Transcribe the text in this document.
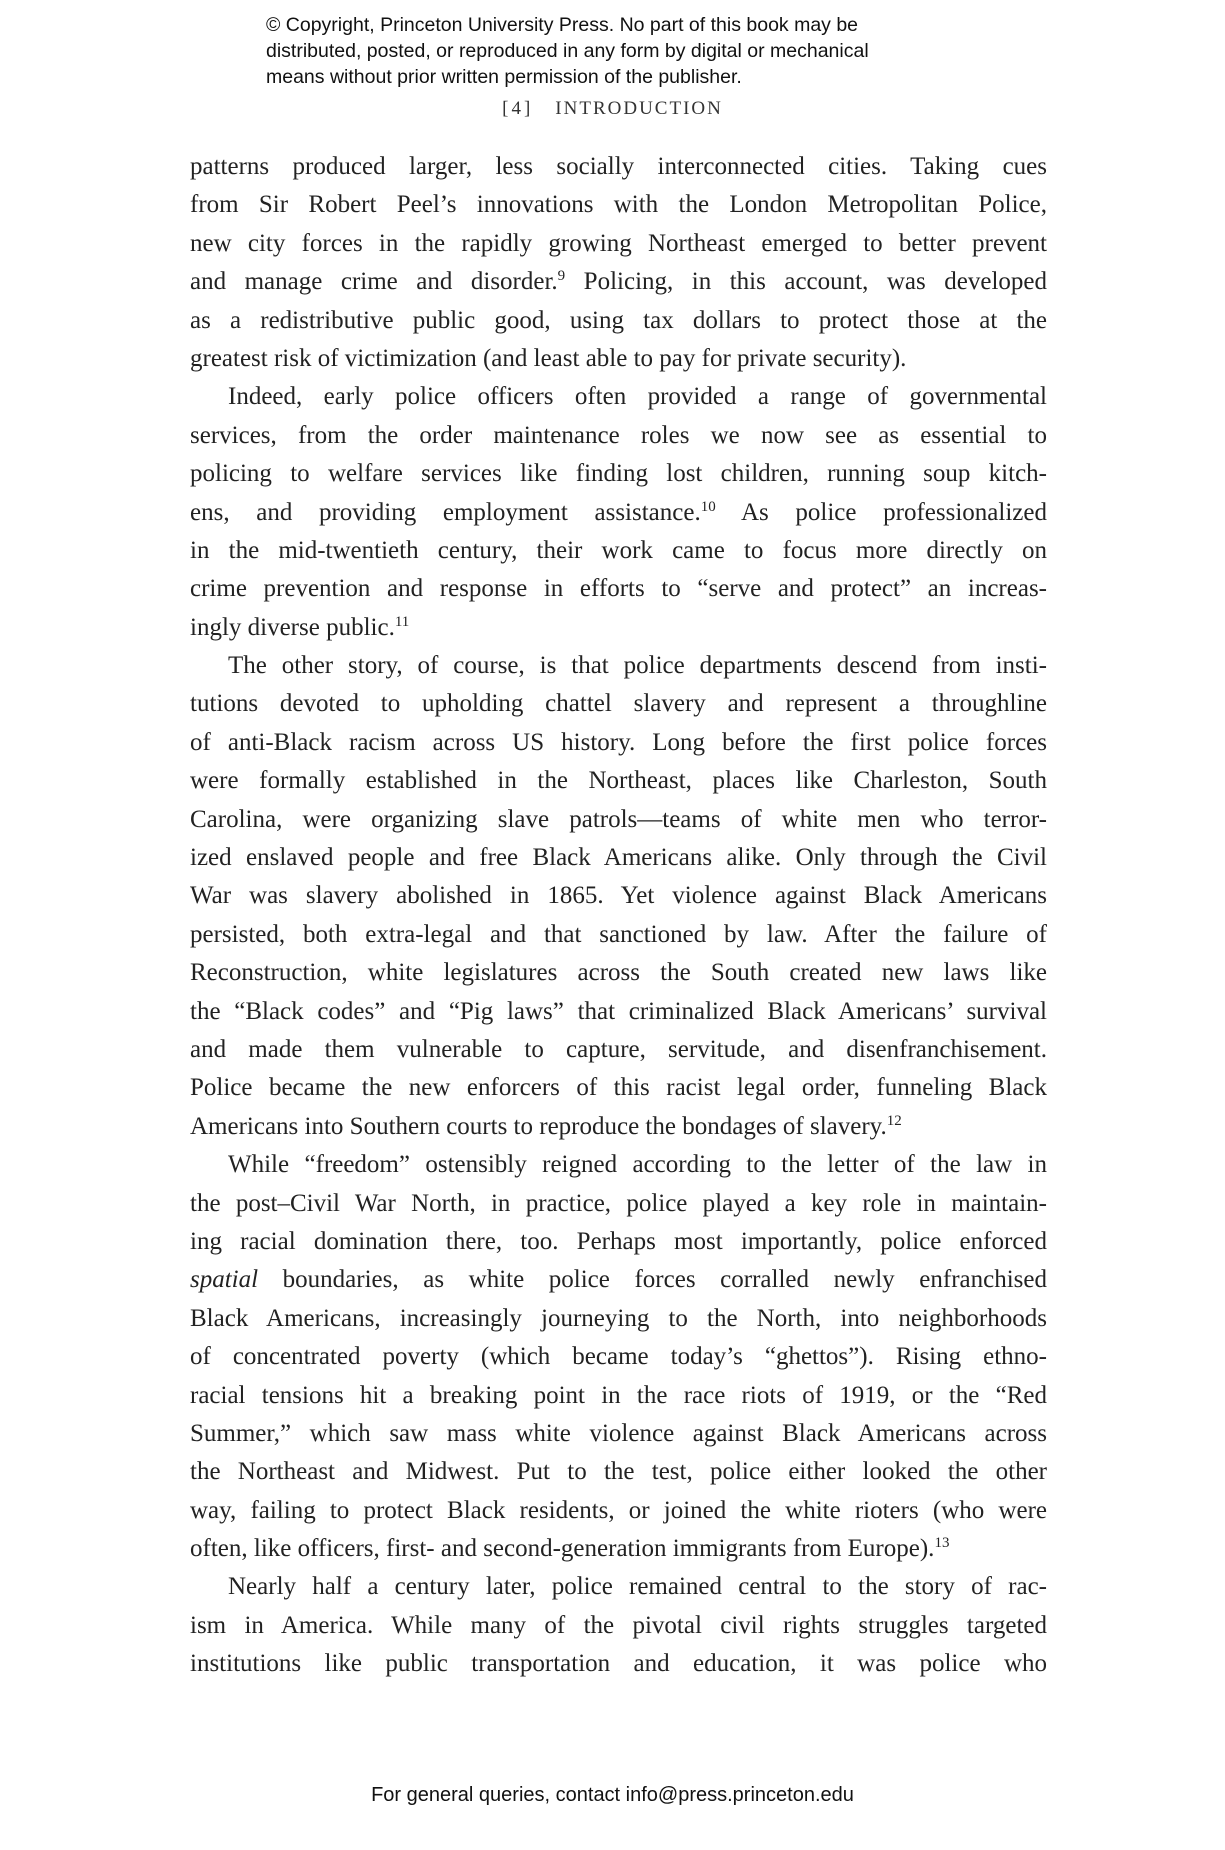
© Copyright, Princeton University Press. No part of this book may be
distributed, posted, or reproduced in any form by digital or mechanical
means without prior written permission of the publisher.
[4] INTRODUCTION
patterns produced larger, less socially interconnected cities. Taking cues
from Sir Robert Peel’s innovations with the London Metropolitan Police,
new city forces in the rapidly growing Northeast emerged to better prevent
and manage crime and disorder.$^9$ Policing, in this account, was developed
as a redistributive public good, using tax dollars to protect those at the
greatest risk of victimization (and least able to pay for private security).
Indeed, early police officers often provided a range of governmental
services, from the order maintenance roles we now see as essential to
policing to welfare services like finding lost children, running soup kitch-
ens, and providing employment assistance.$^{10}$ As police professionalized
in the mid-twentieth century, their work came to focus more directly on
crime prevention and response in efforts to “serve and protect” an increas-
ingly diverse public.$^{11}$
The other story, of course, is that police departments descend from insti-
tutions devoted to upholding chattel slavery and represent a throughline
of anti-Black racism across US history. Long before the first police forces
were formally established in the Northeast, places like Charleston, South
Carolina, were organizing slave patrols—teams of white men who terror-
ized enslaved people and free Black Americans alike. Only through the Civil
War was slavery abolished in 1865. Yet violence against Black Americans
persisted, both extra-legal and that sanctioned by law. After the failure of
Reconstruction, white legislatures across the South created new laws like
the “Black codes” and “Pig laws” that criminalized Black Americans’ survival
and made them vulnerable to capture, servitude, and disenfranchisement.
Police became the new enforcers of this racist legal order, funneling Black
Americans into Southern courts to reproduce the bondages of slavery.$^{12}$
While “freedom” ostensibly reigned according to the letter of the law in
the post–Civil War North, in practice, police played a key role in maintain-
ing racial domination there, too. Perhaps most importantly, police enforced
spatial boundaries, as white police forces corralled newly enfranchised
Black Americans, increasingly journeying to the North, into neighborhoods
of concentrated poverty (which became today’s “ghettos”). Rising ethno-
racial tensions hit a breaking point in the race riots of 1919, or the “Red
Summer,” which saw mass white violence against Black Americans across
the Northeast and Midwest. Put to the test, police either looked the other
way, failing to protect Black residents, or joined the white rioters (who were
often, like officers, first- and second-generation immigrants from Europe).$^{13}$
Nearly half a century later, police remained central to the story of rac-
ism in America. While many of the pivotal civil rights struggles targeted
institutions like public transportation and education, it was police who
For general queries, contact info@press.princeton.edu
